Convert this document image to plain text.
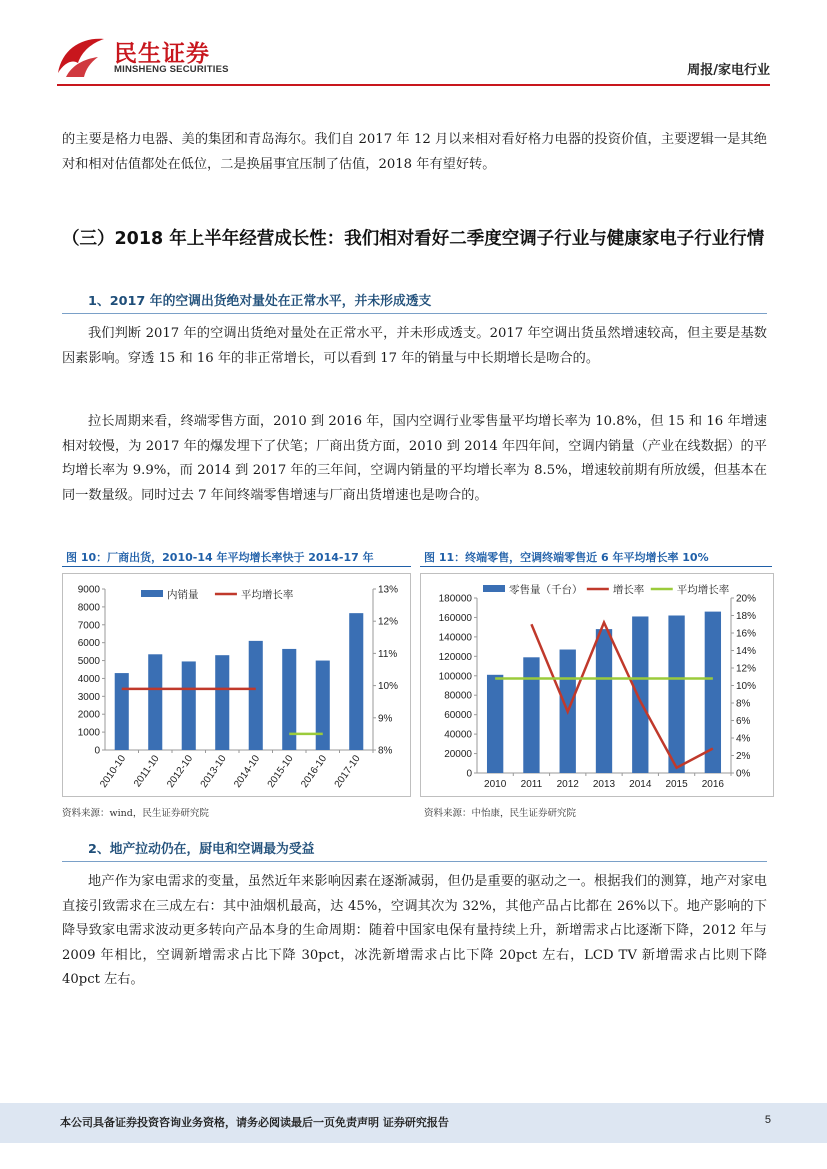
民生证券
MINSHENG SECURITIES	周报/家电行业
的主要是格力电器、美的集团和青岛海尔。我们自 2017 年 12 月以来相对看好格力电器的投资价值，主要逻辑一是其绝对和相对估值都处在低位，二是换届事宜压制了估值，2018 年有望好转。
（三）2018 年上半年经营成长性：我们相对看好二季度空调子行业与健康家电子行业行情
1、2017 年的空调出货绝对量处在正常水平，并未形成透支
我们判断 2017 年的空调出货绝对量处在正常水平，并未形成透支。2017 年空调出货虽然增速较高，但主要是基数因素影响。穿透 15 和 16 年的非正常增长，可以看到 17 年的销量与中长期增长是吻合的。
拉长周期来看，终端零售方面，2010 到 2016 年，国内空调行业零售量平均增长率为 10.8%，但 15 和 16 年增速相对较慢，为 2017 年的爆发埋下了伏笔；厂商出货方面，2010 到 2014 年四年间，空调内销量（产业在线数据）的平均增长率为 9.9%，而 2014 到 2017 年的三年间，空调内销量的平均增长率为 8.5%，增速较前期有所放缓，但基本在同一数量级。同时过去 7 年间终端零售增速与厂商出货增速也是吻合的。
图 10：厂商出货，2010-14 年平均增长率快于 2014-17 年
0
1000
2000
3000
4000
5000
6000
7000
8000
9000
8%
9%
10%
11%
12%
13%
2010-10 2011-10 2012-10 2013-10 2014-10 2015-10 2016-10 2017-10
内销量	平均增长率
资料来源：wind，民生证券研究院
图 11：终端零售，空调终端零售近 6 年平均增长率 10%
0
20000
40000
60000
80000
100000
120000
140000
160000
180000
0%
2%
4%
6%
8%
10%
12%
14%
16%
18%
20%
2010 2011 2012 2013 2014 2015 2016
零售量（千台）	增长率	平均增长率
资料来源：中怡康，民生证券研究院
2、地产拉动仍在，厨电和空调最为受益
地产作为家电需求的变量，虽然近年来影响因素在逐渐减弱，但仍是重要的驱动之一。根据我们的测算，地产对家电直接引致需求在三成左右：其中油烟机最高，达 45%，空调其次为 32%，其他产品占比都在 26%以下。地产影响的下降导致家电需求波动更多转向产品本身的生命周期：随着中国家电保有量持续上升，新增需求占比逐渐下降，2012 年与 2009 年相比，空调新增需求占比下降 30pct，冰洗新增需求占比下降 20pct 左右，LCD TV 新增需求占比则下降 40pct 左右。
本公司具备证券投资咨询业务资格，请务必阅读最后一页免责声明 证券研究报告	5
